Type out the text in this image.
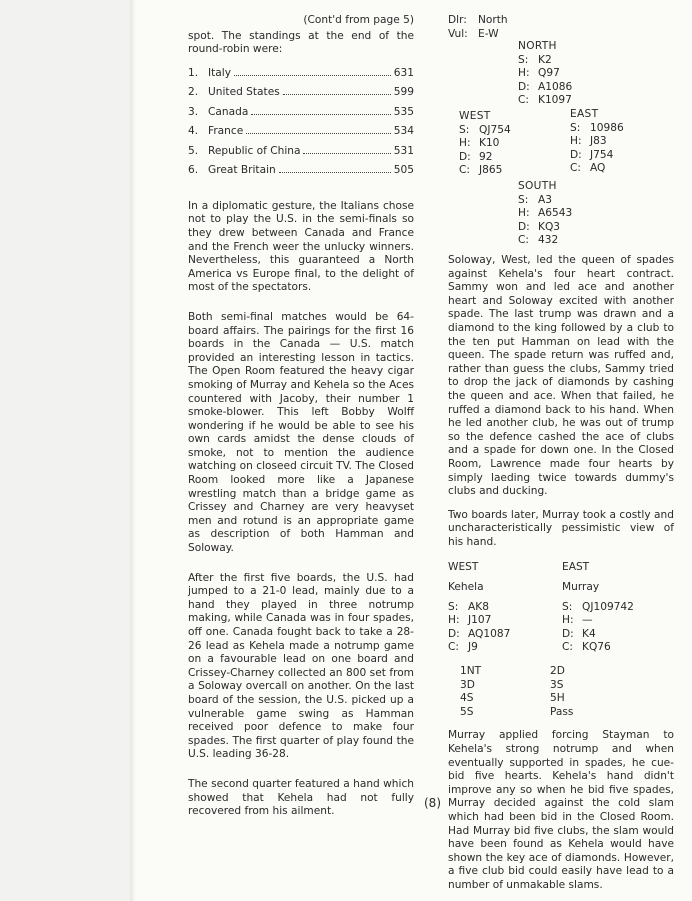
(Cont'd from page 5)

spot. The standings at the end of the round-robin were:

1. Italy	631
2. United States	599
3. Canada	535
4. France	534
5. Republic of China	531
6. Great Britain	505

In a diplomatic gesture, the Italians chose not to play the U.S. in the semi-finals so they drew between Canada and France and the French weer the unlucky winners. Nevertheless, this guaranteed a North America vs Europe final, to the delight of most of the spectators.

Both semi-final matches would be 64-board affairs. The pairings for the first 16 boards in the Canada — U.S. match provided an interesting lesson in tactics. The Open Room featured the heavy cigar smoking of Murray and Kehela so the Aces countered with Jacoby, their number 1 smoke-blower. This left Bobby Wolff wondering if he would be able to see his own cards amidst the dense clouds of smoke, not to mention the audience watching on closeed circuit TV. The Closed Room looked more like a Japanese wrestling match than a bridge game as Crissey and Charney are very heavyset men and rotund is an appropriate game as description of both Hamman and Soloway.

After the first five boards, the U.S. had jumped to a 21-0 lead, mainly due to a hand they played in three notrump making, while Canada was in four spades, off one. Canada fought back to take a 28-26 lead as Kehela made a notrump game on a favourable lead on one board and Crissey-Charney collected an 800 set from a Soloway overcall on another. On the last board of the session, the U.S. picked up a vulnerable game swing as Hamman received poor defence to make four spades. The first quarter of play found the U.S. leading 36-28.

The second quarter featured a hand which showed that Kehela had not fully recovered from his ailment.

Dlr:	North
Vul: E-W
NORTH
S: K2
H: Q97
D: A1086
C: K1097
WEST
S: QJ754
H: K10
D: 92
C: J865
EAST
S: 10986
H: J83
D: J754
C: AQ
SOUTH
S: A3
H: A6543
D: KQ3
C: 432

Soloway, West, led the queen of spades against Kehela's four heart contract. Sammy won and led ace and another heart and Soloway excited with another spade. The last trump was drawn and a diamond to the king followed by a club to the ten put Hamman on lead with the queen. The spade return was ruffed and, rather than guess the clubs, Sammy tried to drop the jack of diamonds by cashing the queen and ace. When that failed, he ruffed a diamond back to his hand. When he led another club, he was out of trump so the defence cashed the ace of clubs and a spade for down one. In the Closed Room, Lawrence made four hearts by simply laeding twice towards dummy's clubs and ducking.

Two boards later, Murray took a costly and uncharacteristically pessimistic view of his hand.

WEST
Kehela
S: AK8
H: J107
D: AQ1087
C: J9
EAST
Murray
S: QJ109742
H: —
D: K4
C: KQ76
1NT	2D
3D	3S
4S	5H
5S	Pass

Murray applied forcing Stayman to Kehela's strong notrump and when eventually supported in spades, he cue-bid five hearts. Kehela's hand didn't improve any so when he bid five spades, Murray decided against the cold slam which had been bid in the Closed Room. Had Murray bid five clubs, the slam would have been found as Kehela would have shown the key ace of diamonds. However, a five club bid could easily have lead to a number of unmakable slams.

(8)
